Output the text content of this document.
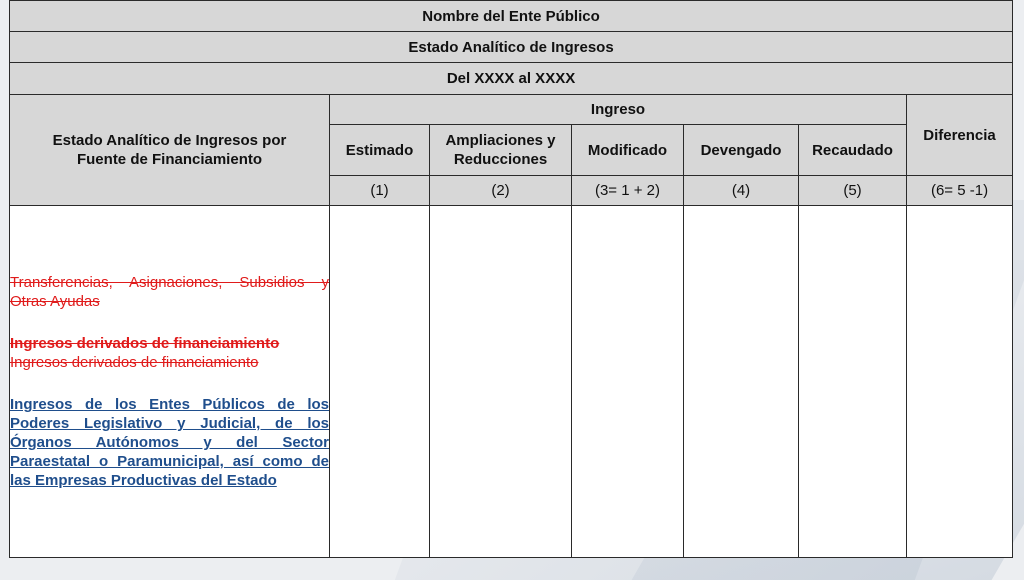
Nombre del Ente Público						
Estado Analítico de Ingresos						
Del XXXX al XXXX						
Estado Analítico de Ingresos por Fuente de Financiamiento	Ingreso					Diferencia
	Estimado	Ampliaciones y Reducciones	Modificado	Devengado	Recaudado	
	(1)	(2)	(3= 1 + 2)	(4)	(5)	(6= 5 -1)

Transferencias, Asignaciones, Subsidios y Otras Ayudas

Ingresos derivados de financiamiento

Ingresos derivados de financiamiento

Ingresos de los Entes Públicos de los Poderes Legislativo y Judicial, de los Órganos Autónomos y del Sector Paraestatal o Paramunicipal, así como de las Empresas Productivas del Estado						
